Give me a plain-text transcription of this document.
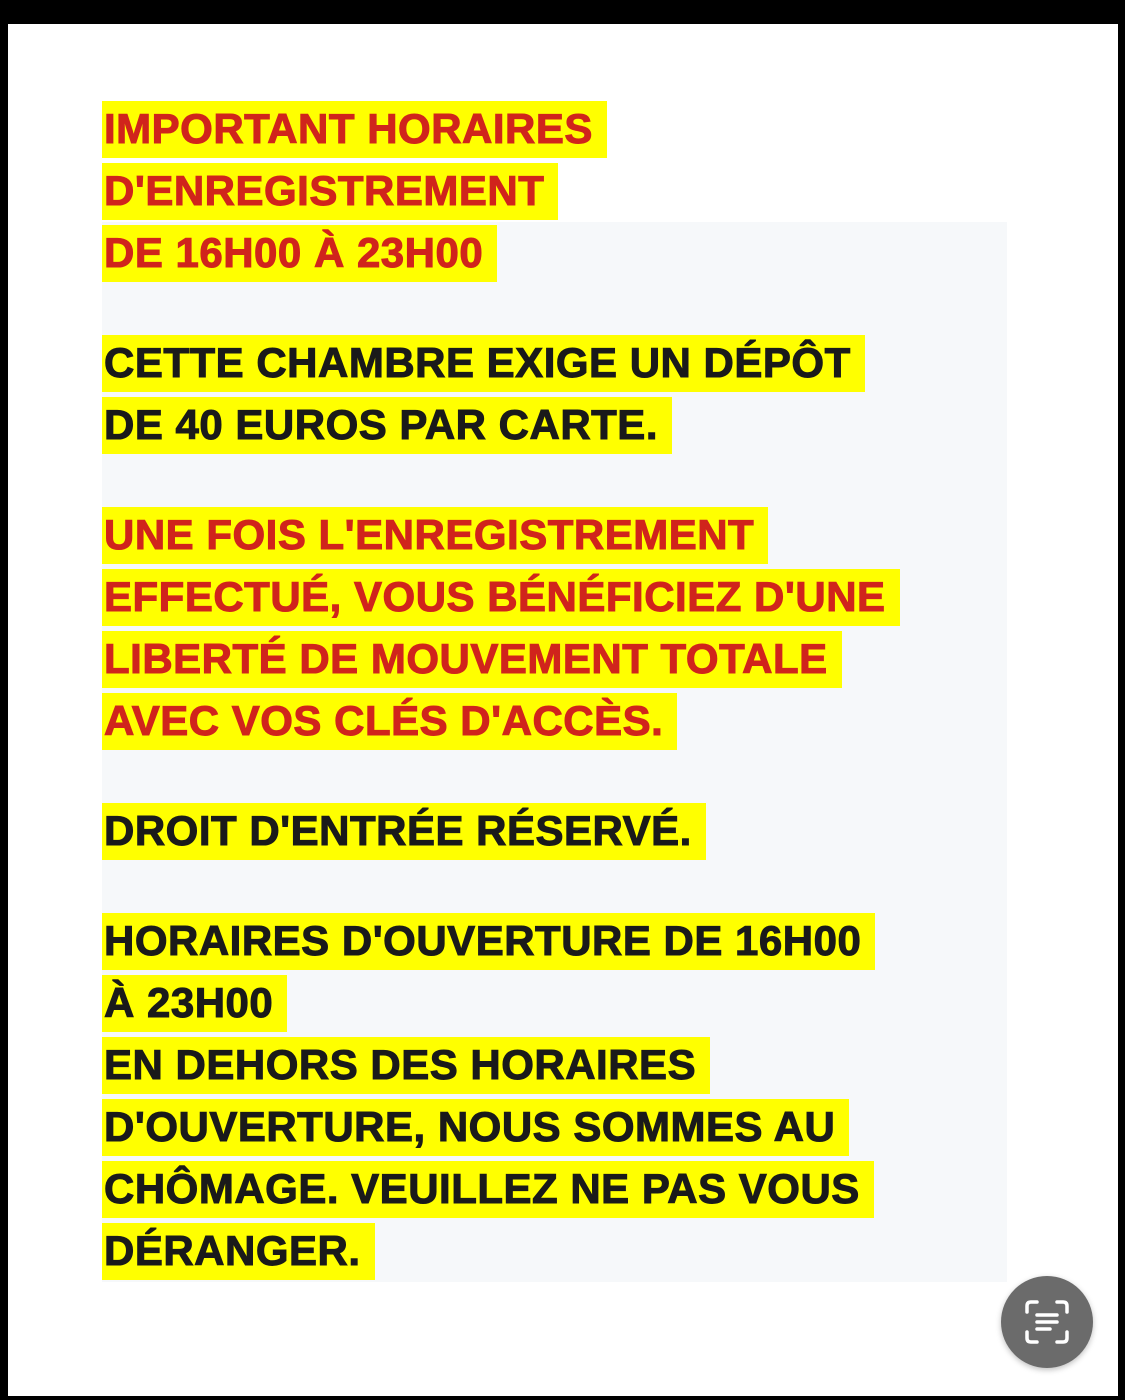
IMPORTANT HORAIRES
D'ENREGISTREMENT
DE 16H00 À 23H00
CETTE CHAMBRE EXIGE UN DÉPÔT
DE 40 EUROS PAR CARTE.
UNE FOIS L'ENREGISTREMENT
EFFECTUÉ, VOUS BÉNÉFICIEZ D'UNE
LIBERTÉ DE MOUVEMENT TOTALE
AVEC VOS CLÉS D'ACCÈS.
DROIT D'ENTRÉE RÉSERVÉ.
HORAIRES D'OUVERTURE DE 16H00
À 23H00
EN DEHORS DES HORAIRES
D'OUVERTURE, NOUS SOMMES AU
CHÔMAGE. VEUILLEZ NE PAS VOUS
DÉRANGER.
